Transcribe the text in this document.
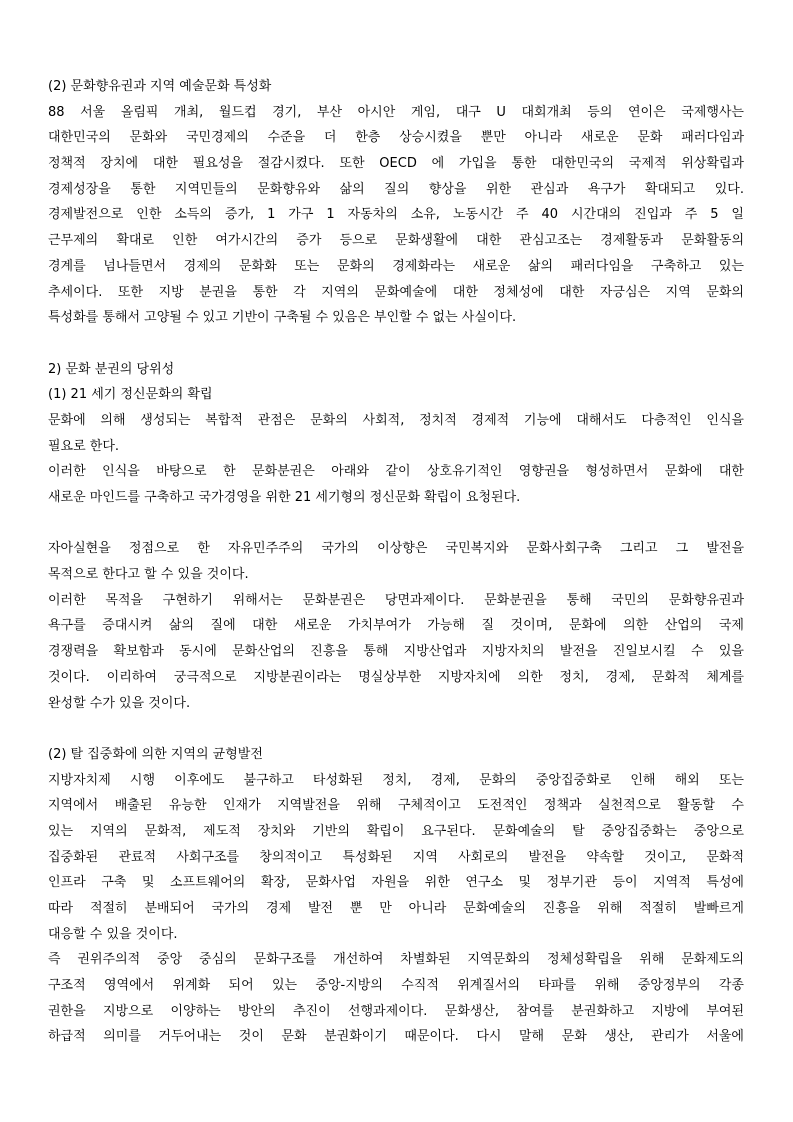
(2) 문화향유권과 지역 예술문화 특성화
88 서울 올림픽 개최, 월드컵 경기, 부산 아시안 게임, 대구 U 대회개최 등의 연이은 국제행사는
대한민국의 문화와 국민경제의 수준을 더 한층 상승시켰을 뿐만 아니라 새로운 문화 패러다임과
정책적 장치에 대한 필요성을 절감시켰다. 또한 OECD 에 가입을 통한 대한민국의 국제적 위상확립과
경제성장을 통한 지역민들의 문화향유와 삶의 질의 향상을 위한 관심과 욕구가 확대되고 있다.
경제발전으로 인한 소득의 증가, 1 가구 1 자동차의 소유, 노동시간 주 40 시간대의 진입과 주 5 일
근무제의 확대로 인한 여가시간의 증가 등으로 문화생활에 대한 관심고조는 경제활동과 문화활동의
경계를 넘나들면서 경제의 문화화 또는 문화의 경제화라는 새로운 삶의 패러다임을 구축하고 있는
추세이다. 또한 지방 분권을 통한 각 지역의 문화예술에 대한 정체성에 대한 자긍심은 지역 문화의
특성화를 통해서 고양될 수 있고 기반이 구축될 수 있음은 부인할 수 없는 사실이다.
2) 문화 분권의 당위성
(1) 21 세기 정신문화의 확립
문화에 의해 생성되는 복합적 관점은 문화의 사회적, 정치적 경제적 기능에 대해서도 다층적인 인식을
필요로 한다.
이러한 인식을 바탕으로 한 문화분권은 아래와 같이 상호유기적인 영향권을 형성하면서 문화에 대한
새로운 마인드를 구축하고 국가경영을 위한 21 세기형의 정신문화 확립이 요청된다.
자아실현을 정점으로 한 자유민주주의 국가의 이상향은 국민복지와 문화사회구축 그리고 그 발전을
목적으로 한다고 할 수 있을 것이다.
이러한 목적을 구현하기 위해서는 문화분권은 당면과제이다. 문화분권을 통해 국민의 문화향유권과
욕구를 증대시켜 삶의 질에 대한 새로운 가치부여가 가능해 질 것이며, 문화에 의한 산업의 국제
경쟁력을 확보함과 동시에 문화산업의 진흥을 통해 지방산업과 지방자치의 발전을 진일보시킬 수 있을
것이다. 이리하여 궁극적으로 지방분권이라는 명실상부한 지방자치에 의한 정치, 경제, 문화적 체계를
완성할 수가 있을 것이다.
(2) 탈 집중화에 의한 지역의 균형발전
지방자치제 시행 이후에도 불구하고 타성화된 정치, 경제, 문화의 중앙집중화로 인해 해외 또는
지역에서 배출된 유능한 인재가 지역발전을 위해 구체적이고 도전적인 정책과 실천적으로 활동할 수
있는 지역의 문화적, 제도적 장치와 기반의 확립이 요구된다. 문화예술의 탈 중앙집중화는 중앙으로
집중화된 관료적 사회구조를 창의적이고 특성화된 지역 사회로의 발전을 약속할 것이고, 문화적
인프라 구축 및 소프트웨어의 확장, 문화사업 자원을 위한 연구소 및 정부기관 등이 지역적 특성에
따라 적절히 분배되어 국가의 경제 발전 뿐 만 아니라 문화예술의 진흥을 위해 적절히 발빠르게
대응할 수 있을 것이다.
즉 권위주의적 중앙 중심의 문화구조를 개선하여 차별화된 지역문화의 정체성확립을 위해 문화제도의
구조적 영역에서 위계화 되어 있는 중앙-지방의 수직적 위계질서의 타파를 위해 중앙정부의 각종
권한을 지방으로 이양하는 방안의 추진이 선행과제이다. 문화생산, 참여를 분권화하고 지방에 부여된
하급적 의미를 거두어내는 것이 문화 분권화이기 때문이다. 다시 말해 문화 생산, 관리가 서울에
